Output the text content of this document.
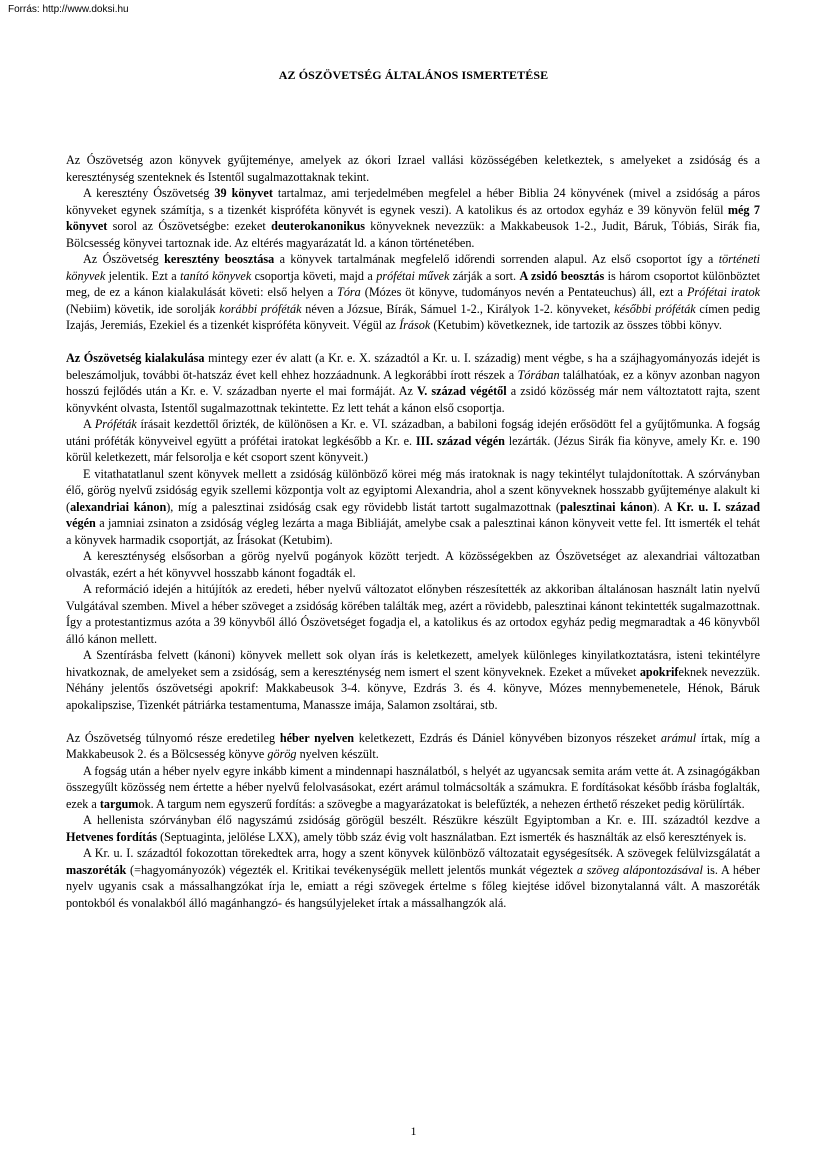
Forrás: http://www.doksi.hu
AZ ÓSZÖVETSÉG ÁLTALÁNOS ISMERTETÉSE

Az Ószövetség azon könyvek gyűjteménye, amelyek az ókori Izrael vallási közösségében keletkeztek, s amelyeket a zsidóság és a kereszténység szenteknek és Istentől sugalmazottaknak tekint.

A keresztény Ószövetség 39 könyvet tartalmaz, ami terjedelmében megfelel a héber Biblia 24 könyvének (mivel a zsidóság a páros könyveket egynek számítja, s a tizenkét kispróféta könyvét is egynek veszi). A katolikus és az ortodox egyház e 39 könyvön felül még 7 könyvet sorol az Ószövetségbe: ezeket deuterokanonikus könyveknek nevezzük: a Makkabeusok 1-2., Judit, Báruk, Tóbiás, Sirák fia, Bölcsesség könyvei tartoznak ide. Az eltérés magyarázatát ld. a kánon történetében.

Az Ószövetség keresztény beosztása a könyvek tartalmának megfelelő időrendi sorrenden alapul. Az első csoportot így a történeti könyvek jelentik. Ezt a tanító könyvek csoportja követi, majd a prófétai művek zárják a sort. A zsidó beosztás is három csoportot különböztet meg, de ez a kánon kialakulását követi: első helyen a Tóra (Mózes öt könyve, tudományos nevén a Pentateuchus) áll, ezt a Prófétai iratok (Nebiim) követik, ide sorolják korábbi próféták néven a Józsue, Bírák, Sámuel 1-2., Királyok 1-2. könyveket, későbbi próféták címen pedig Izajás, Jeremiás, Ezekiel és a tizenkét kispróféta könyveit. Végül az Írások (Ketubim) következnek, ide tartozik az összes többi könyv.

Az Ószövetség kialakulása mintegy ezer év alatt (a Kr. e. X. századtól a Kr. u. I. századig) ment végbe, s ha a szájhagyományozás idejét is beleszámoljuk, további öt-hatszáz évet kell ehhez hozzáadnunk. A legkorábbi írott részek a Tórában találhatóak, ez a könyv azonban nagyon hosszú fejlődés után a Kr. e. V. században nyerte el mai formáját. Az V. század végétől a zsidó közösség már nem változtatott rajta, szent könyvként olvasta, Istentől sugalmazottnak tekintette. Ez lett tehát a kánon első csoportja.

A Próféták írásait kezdettől őrizték, de különösen a Kr. e. VI. században, a babiloni fogság idején erősödött fel a gyűjtőmunka. A fogság utáni próféták könyveivel együtt a prófétai iratokat legkésőbb a Kr. e. III. század végén lezárták. (Jézus Sirák fia könyve, amely Kr. e. 190 körül keletkezett, már felsorolja e két csoport szent könyveit.)

E vitathatatlanul szent könyvek mellett a zsidóság különböző körei még más iratoknak is nagy tekintélyt tulajdonítottak. A szórványban élő, görög nyelvű zsidóság egyik szellemi központja volt az egyiptomi Alexandria, ahol a szent könyveknek hosszabb gyűjteménye alakult ki (alexandriai kánon), míg a palesztinai zsidóság csak egy rövidebb listát tartott sugalmazottnak (palesztinai kánon). A Kr. u. I. század végén a jamniai zsinaton a zsidóság végleg lezárta a maga Bibliáját, amelybe csak a palesztinai kánon könyveit vette fel. Itt ismerték el tehát a könyvek harmadik csoportját, az Írásokat (Ketubim).

A kereszténység elsősorban a görög nyelvű pogányok között terjedt. A közösségekben az Ószövetséget az alexandriai változatban olvasták, ezért a hét könyvvel hosszabb kánont fogadták el.

A reformáció idején a hitújítók az eredeti, héber nyelvű változatot előnyben részesítették az akkoriban általánosan használt latin nyelvű Vulgátával szemben. Mivel a héber szöveget a zsidóság körében találták meg, azért a rövidebb, palesztinai kánont tekintették sugalmazottnak. Így a protestantizmus azóta a 39 könyvből álló Ószövetséget fogadja el, a katolikus és az ortodox egyház pedig megmaradtak a 46 könyvből álló kánon mellett.

A Szentírásba felvett (kánoni) könyvek mellett sok olyan írás is keletkezett, amelyek különleges kinyilatkoztatásra, isteni tekintélyre hivatkoznak, de amelyeket sem a zsidóság, sem a kereszténység nem ismert el szent könyveknek. Ezeket a műveket apokrifeknek nevezzük. Néhány jelentős ószövetségi apokrif: Makkabeusok 3-4. könyve, Ezdrás 3. és 4. könyve, Mózes mennybemenetele, Hénok, Báruk apokalipszise, Tizenkét pátriárka testamentuma, Manassze imája, Salamon zsoltárai, stb.

Az Ószövetség túlnyomó része eredetileg héber nyelven keletkezett, Ezdrás és Dániel könyvében bizonyos részeket arámul írtak, míg a Makkabeusok 2. és a Bölcsesség könyve görög nyelven készült.

A fogság után a héber nyelv egyre inkább kiment a mindennapi használatból, s helyét az ugyancsak semita arám vette át. A zsinagógákban összegyűlt közösség nem értette a héber nyelvű felolvasásokat, ezért arámul tolmácsolták a számukra. E fordításokat később írásba foglalták, ezek a targumok. A targum nem egyszerű fordítás: a szövegbe a magyarázatokat is belefűzték, a nehezen érthető részeket pedig körülírták.

A hellenista szórványban élő nagyszámú zsidóság görögül beszélt. Részükre készült Egyiptomban a Kr. e. III. századtól kezdve a Hetvenes fordítás (Septuaginta, jelölése LXX), amely több száz évig volt használatban. Ezt ismerték és használták az első keresztények is.

A Kr. u. I. századtól fokozottan törekedtek arra, hogy a szent könyvek különböző változatait egységesítsék. A szövegek felülvizsgálatát a maszoréták (=hagyományozók) végezték el. Kritikai tevékenységük mellett jelentős munkát végeztek a szöveg alápontozásával is. A héber nyelv ugyanis csak a mássalhangzókat írja le, emiatt a régi szövegek értelme s főleg kiejtése idővel bizonytalanná vált. A maszoréták pontokból és vonalakból álló magánhangzó- és hangsúlyjeleket írtak a mássalhangzók alá.

1
